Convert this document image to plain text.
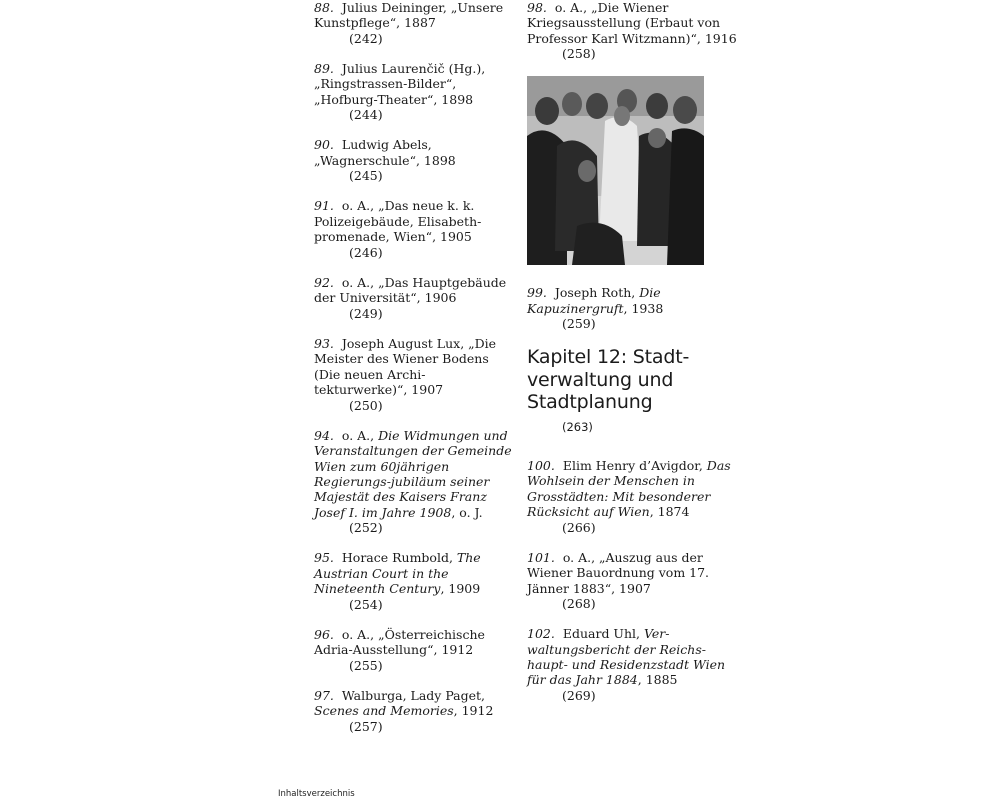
88. Julius Deininger, „Unsere Kunstpflege“, 1887
(242)
89. Julius Laurenčič (Hg.), „Ringstrassen-Bilder“, „Hofburg-Theater“, 1898
(244)
90. Ludwig Abels, „Wagnerschule“, 1898
(245)
91. o. A., „Das neue k. k. Polizeigebäude, Elisabeth-promenade, Wien“, 1905
(246)
92. o. A., „Das Hauptgebäude der Universität“, 1906
(249)
93. Joseph August Lux, „Die Meister des Wiener Bodens (Die neuen Archi-tekturwerke)“, 1907
(250)
94. o. A., Die Widmungen und Veranstaltungen der Gemeinde Wien zum 60jährigen Regierungs-jubiläum seiner Majestät des Kaisers Franz Josef I. im Jahre 1908, o. J.
(252)
95. Horace Rumbold, The Austrian Court in the Nineteenth Century, 1909
(254)
96. o. A., „Österreichische Adria-Ausstellung“, 1912
(255)
97. Walburga, Lady Paget, Scenes and Memories, 1912
(257)
98. o. A., „Die Wiener Kriegsausstellung (Erbaut von Professor Karl Witzmann)“, 1916
(258)
99. Joseph Roth, Die Kapuzinergruft, 1938
(259)
Kapitel 12: Stadt-verwaltung und Stadtplanung
(263)
100. Elim Henry d’Avigdor, Das Wohlsein der Menschen in Grosstädten: Mit besonderer Rücksicht auf Wien, 1874
(266)
101. o. A., „Auszug aus der Wiener Bauordnung vom 17. Jänner 1883“, 1907
(268)
102. Eduard Uhl, Ver-waltungsbericht der Reichs-haupt- und Residenzstadt Wien für das Jahr 1884, 1885
(269)
Inhaltsverzeichnis
